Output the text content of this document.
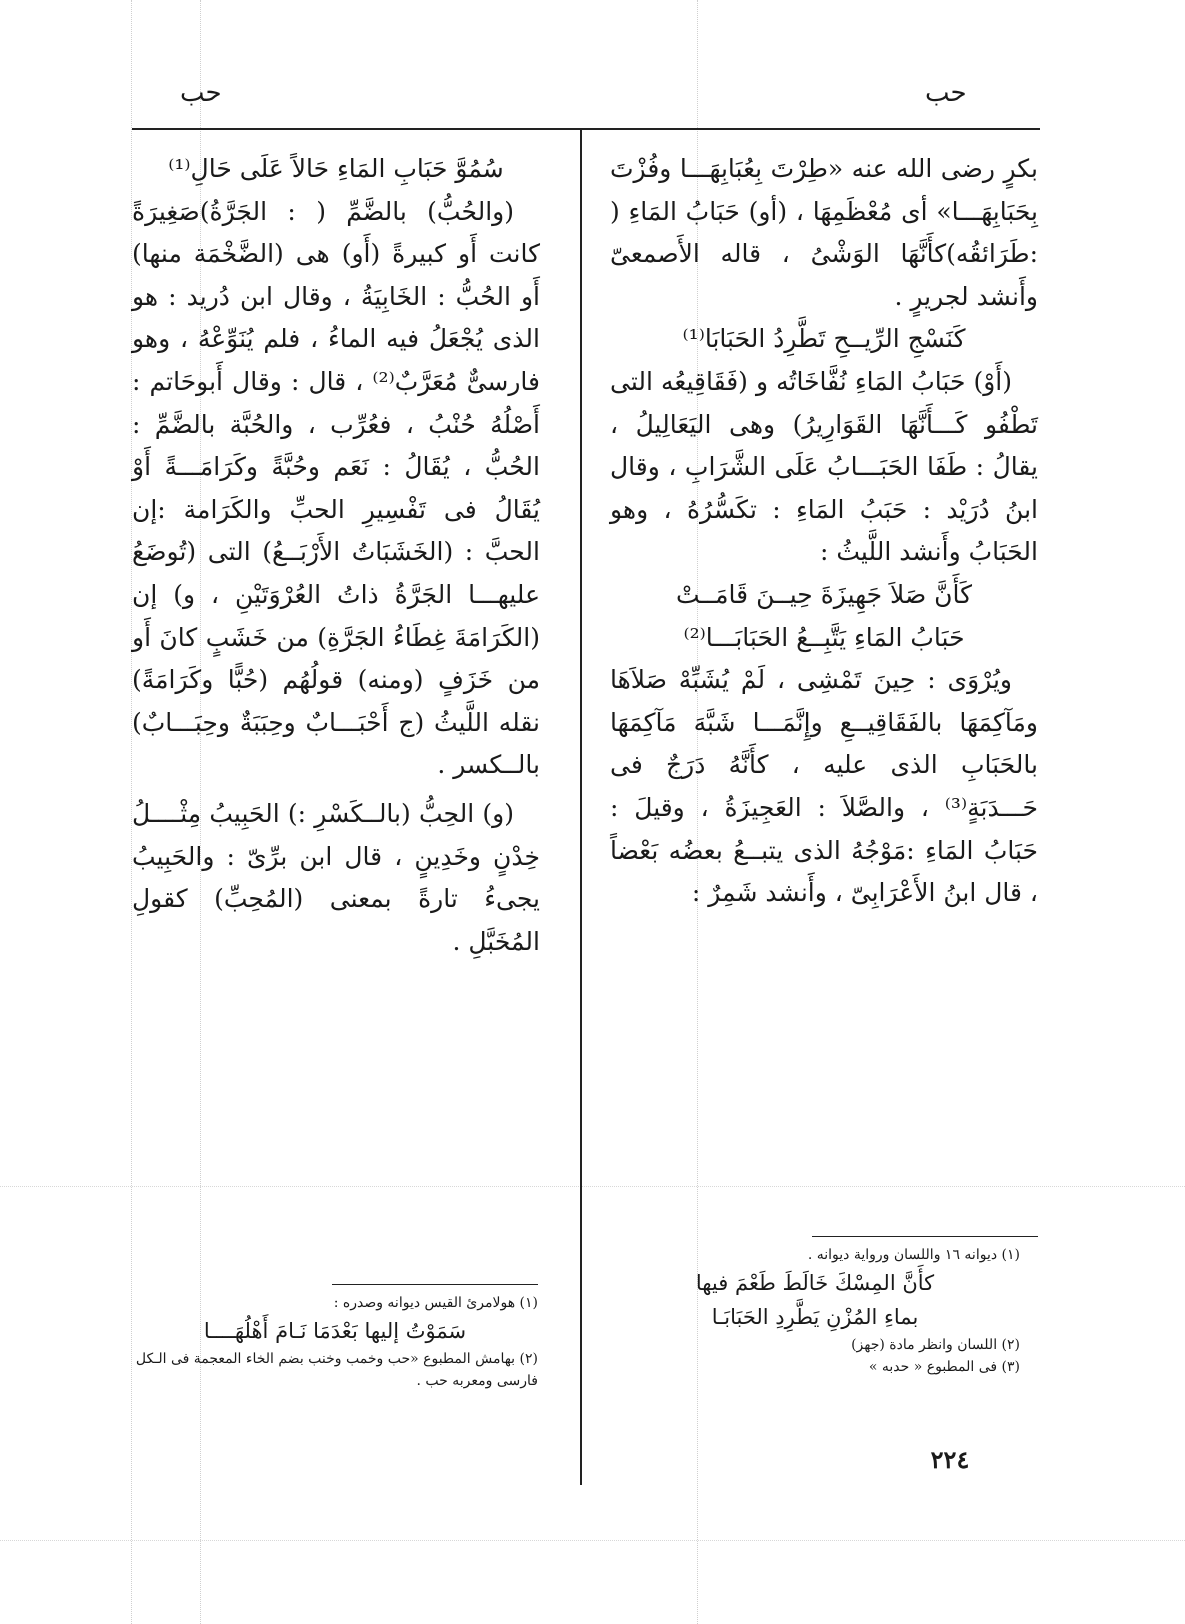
حب	حب

بكرٍ رضى الله عنه «طِرْتَ بِعُبَابِهَـــا وفُزْتَ بِحَبَابِهَـــا» أى مُعْظَمِهَا ، (أو) حَبَابُ المَاءِ ( :طَرَائقُه)كأَنَّهَا الوَشْىُ ، قاله الأَصمعىّ وأَنشد لجريرٍ .

كَنَسْجِ الرِّيــحِ تَطَّرِدُ الحَبَابَا⁽¹⁾

(أَوْ) حَبَابُ المَاءِ نُفَّاخَاتُه و (فَقَاقِيعُه التى تَطْفُو كَـــأَنَّهَا القَوَارِيرُ) وهى اليَعَالِيلُ ، يقالُ : طَفَا الحَبَـــابُ عَلَى الشَّرَابِ ، وقال ابنُ دُرَيْد : حَبَبُ المَاءِ : تكَسُّرُهُ ، وهو الحَبَابُ وأَنشد اللَّيثُ :

كَأَنَّ صَلاَ جَهِيزَةَ حِيــنَ قَامَــتْ

حَبَابُ المَاءِ يَتَّبِــعُ الحَبَابَـــا⁽²⁾

ويُرْوَى : حِينَ تَمْشِى ، لَمْ يُشَبِّهْ صَلاَهَا ومَآكِمَهَا بالفَقَاقِيــعِ وإِنَّمَـــا شَبَّهَ مَآكِمَهَا بالحَبَابِ الذى عليه ، كأَنَّهُ دَرَجٌ فى حَـــدَبَةٍ⁽³⁾ ، والصَّلاَ : العَجِيزَةُ ، وقيلَ : حَبَابُ المَاءِ :مَوْجُهُ الذى يتبــعُ بعضُه بَعْضاً ، قال ابنُ الأَعْرَابِىّ ، وأَنشد شَمِرٌ :

(١) ديوانه ١٦ واللسان ورواية ديوانه .

كأَنَّ المِسْكَ خَالَطَ طَعْمَ فيها

بماءِ المُزْنِ يَطَّرِدِ الحَبَابَـا

(٢) اللسان وانظر مادة (جهز)

(٣) فى المطبوع « حدبه »

سُمُوَّ حَبَابِ المَاءِ حَالاً عَلَى حَالِ⁽¹⁾

(والحُبُّ) بالضَّمِّ ( : الجَرَّةُ)صَغِيرَةً كانت أَو كبيرةً (أَو) هى (الضَّخْمَة منها) أَو الحُبُّ : الخَابِيَةُ ، وقال ابن دُريد : هو الذى يُجْعَلُ فيه الماءُ ، فلم يُنَوِّعْهُ ، وهو فارسىٌّ مُعَرَّبٌ⁽²⁾ ، قال : وقال أَبوحَاتم : أَصْلُهُ حُنْبُ ، فعُرِّب ، والحُبَّة بالضَّمِّ : الحُبُّ ، يُقَالُ : نَعَم وحُبَّةً وكَرَامَـــةً أَوْ يُقَالُ فى تَفْسِيرِ الحبِّ والكَرَامة :إن الحبَّ : (الخَشَبَاتُ الأَرْبَــعُ) التى (تُوضَعُ عليهـــا الجَرَّةُ ذاتُ العُرْوَتَيْنِ ، و) إن (الكَرَامَةَ غِطَاءُ الجَرَّةِ) من خَشَبٍ كانَ أَو من خَزَفٍ (ومنه) قولُهُم (حُبًّا وكَرَامَةً) نقله اللَّيثُ (ج أَحْبَـــابٌ وحِبَبَةٌ وحِبَـــابٌ) بالــكسر .

(و) الحِبُّ (بالــكَسْرِ :) الحَبِيبُ مِثْــــلُ خِدْنٍ وخَدِينٍ ، قال ابن برِّىّ : والحَبِيبُ يجىءُ تارةً بمعنى (المُحِبِّ) كقولِ المُخَبَّلِ .

(١) هولامرئ القيس ديوانه وصدره :

سَمَوْتُ إليها بَعْدَمَا نَـامَ أَهْلُهَــــا

(٢) بهامش المطبوع «حب وخمب وخنب بضم الخاء المعجمة فى الـكل فارسى ومعربه حب .

٢٢٤
